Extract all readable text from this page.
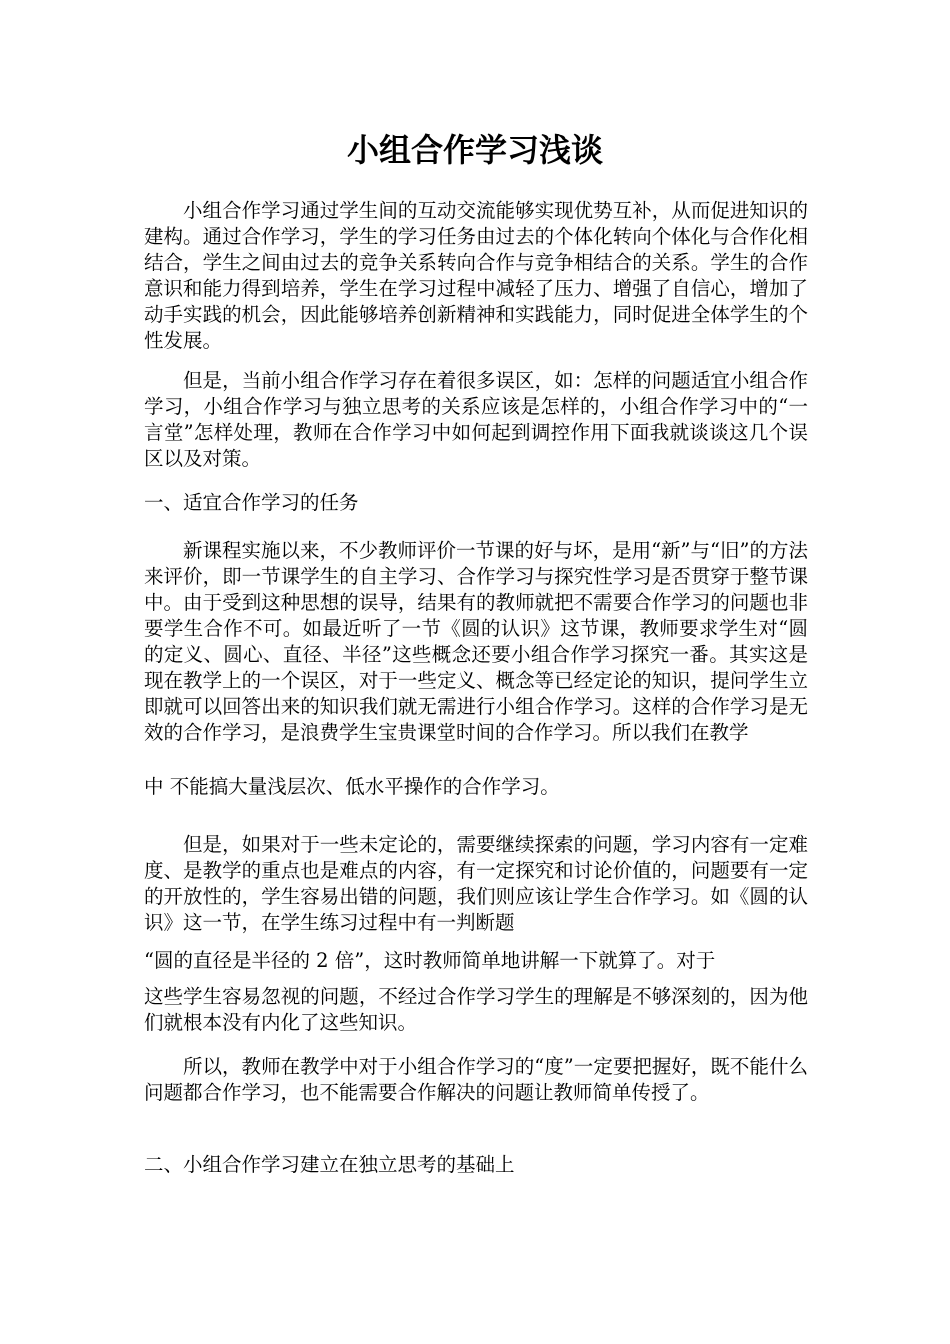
小组合作学习浅谈

小组合作学习通过学生间的互动交流能够实现优势互补，从而促进知识的建构。通过合作学习，学生的学习任务由过去的个体化转向个体化与合作化相结合，学生之间由过去的竞争关系转向合作与竞争相结合的关系。学生的合作意识和能力得到培养，学生在学习过程中减轻了压力、增强了自信心，增加了动手实践的机会，因此能够培养创新精神和实践能力，同时促进全体学生的个性发展。

但是，当前小组合作学习存在着很多误区，如：怎样的问题适宜小组合作学习，小组合作学习与独立思考的关系应该是怎样的，小组合作学习中的“一言堂”怎样处理，教师在合作学习中如何起到调控作用下面我就谈谈这几个误区以及对策。

一、适宜合作学习的任务

新课程实施以来，不少教师评价一节课的好与坏，是用“新”与“旧”的方法来评价，即一节课学生的自主学习、合作学习与探究性学习是否贯穿于整节课中。由于受到这种思想的误导，结果有的教师就把不需要合作学习的问题也非要学生合作不可。如最近听了一节《圆的认识》这节课，教师要求学生对“圆的定义、圆心、直径、半径”这些概念还要小组合作学习探究一番。其实这是现在教学上的一个误区，对于一些定义、概念等已经定论的知识，提问学生立即就可以回答出来的知识我们就无需进行小组合作学习。这样的合作学习是无效的合作学习，是浪费学生宝贵课堂时间的合作学习。所以我们在教学

中 不能搞大量浅层次、低水平操作的合作学习。

但是，如果对于一些未定论的，需要继续探索的问题，学习内容有一定难度、是教学的重点也是难点的内容，有一定探究和讨论价值的，问题要有一定的开放性的，学生容易出错的问题，我们则应该让学生合作学习。如《圆的认识》这一节，在学生练习过程中有一判断题

“圆的直径是半径的 2 倍”，这时教师简单地讲解一下就算了。对于

这些学生容易忽视的问题，不经过合作学习学生的理解是不够深刻的，因为他们就根本没有内化了这些知识。

所以，教师在教学中对于小组合作学习的“度”一定要把握好，既不能什么问题都合作学习，也不能需要合作解决的问题让教师简单传授了。

二、小组合作学习建立在独立思考的基础上
